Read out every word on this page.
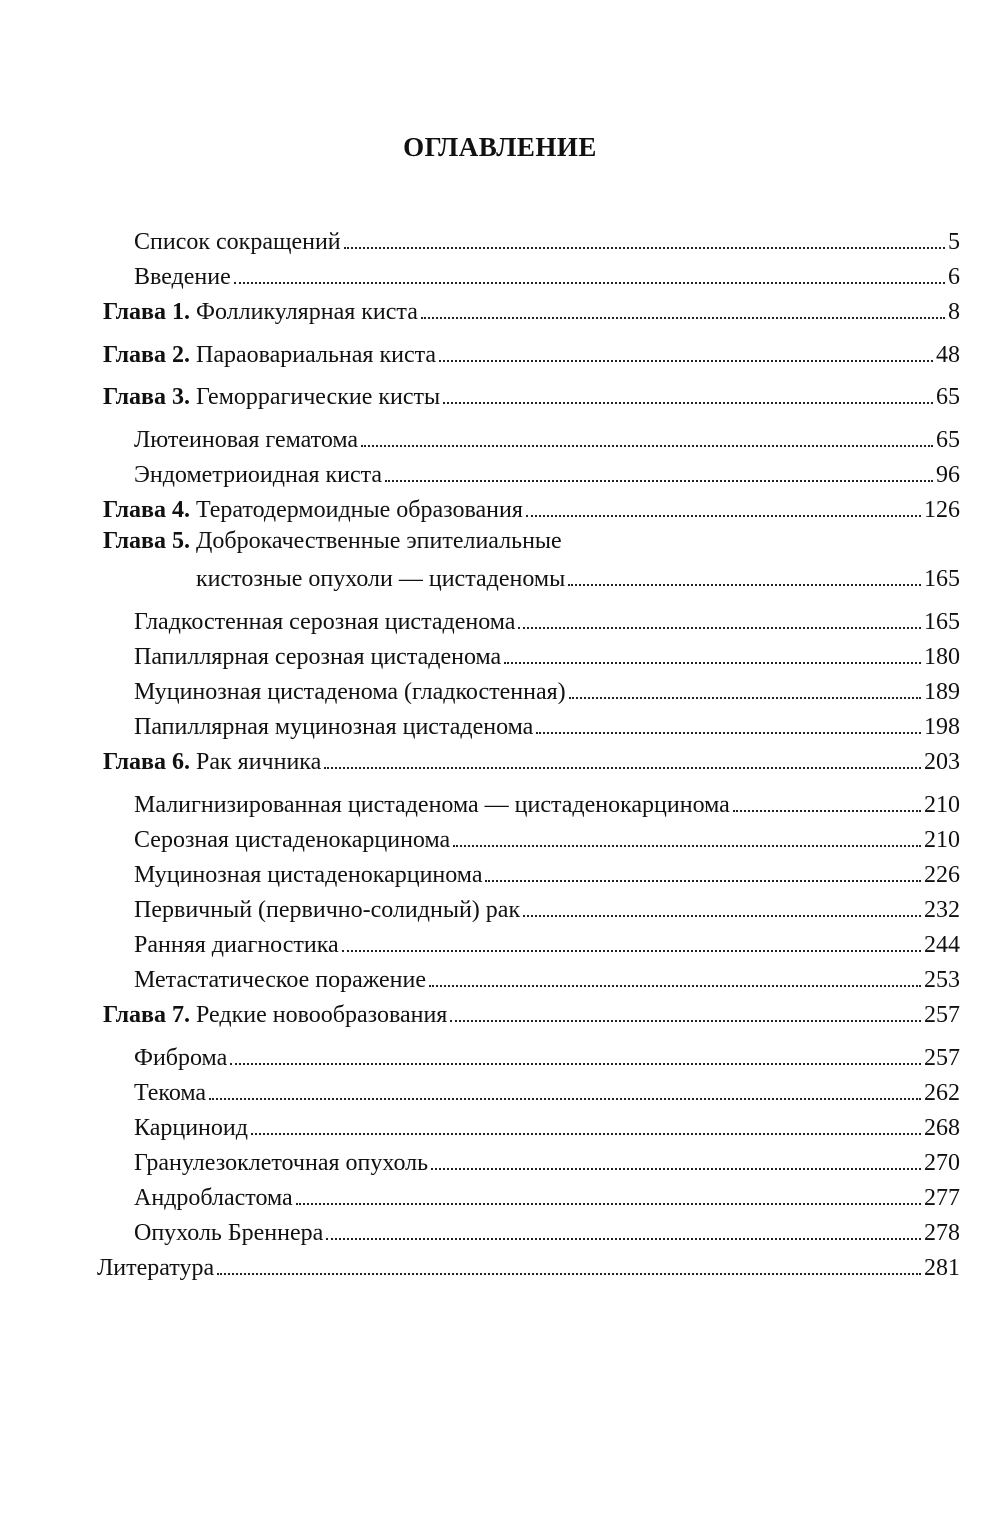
ОГЛАВЛЕНИЕ
Список сокращений	5
Введение	6
Глава 1. Фолликулярная киста	8
Глава 2. Параовариальная киста	48
Глава 3. Геморрагические кисты	65
Лютеиновая гематома	65
Эндометриоидная киста	96
Глава 4. Тератодермоидные образования	126
Глава 5. Доброкачественные эпителиальные
кистозные опухоли — цистаденомы	165
Гладкостенная серозная цистаденома	165
Папиллярная серозная цистаденома	180
Муцинозная цистаденома (гладкостенная)	189
Папиллярная муцинозная цистаденома	198
Глава 6. Рак яичника	203
Малигнизированная цистаденома — цистаденокарцинома	210
Серозная цистаденокарцинома	210
Муцинозная цистаденокарцинома	226
Первичный (первично-солидный) рак	232
Ранняя диагностика	244
Метастатическое поражение	253
Глава 7. Редкие новообразования	257
Фиброма	257
Текома	262
Карциноид	268
Гранулезоклеточная опухоль	270
Андробластома	277
Опухоль Бреннера	278
Литература	281
